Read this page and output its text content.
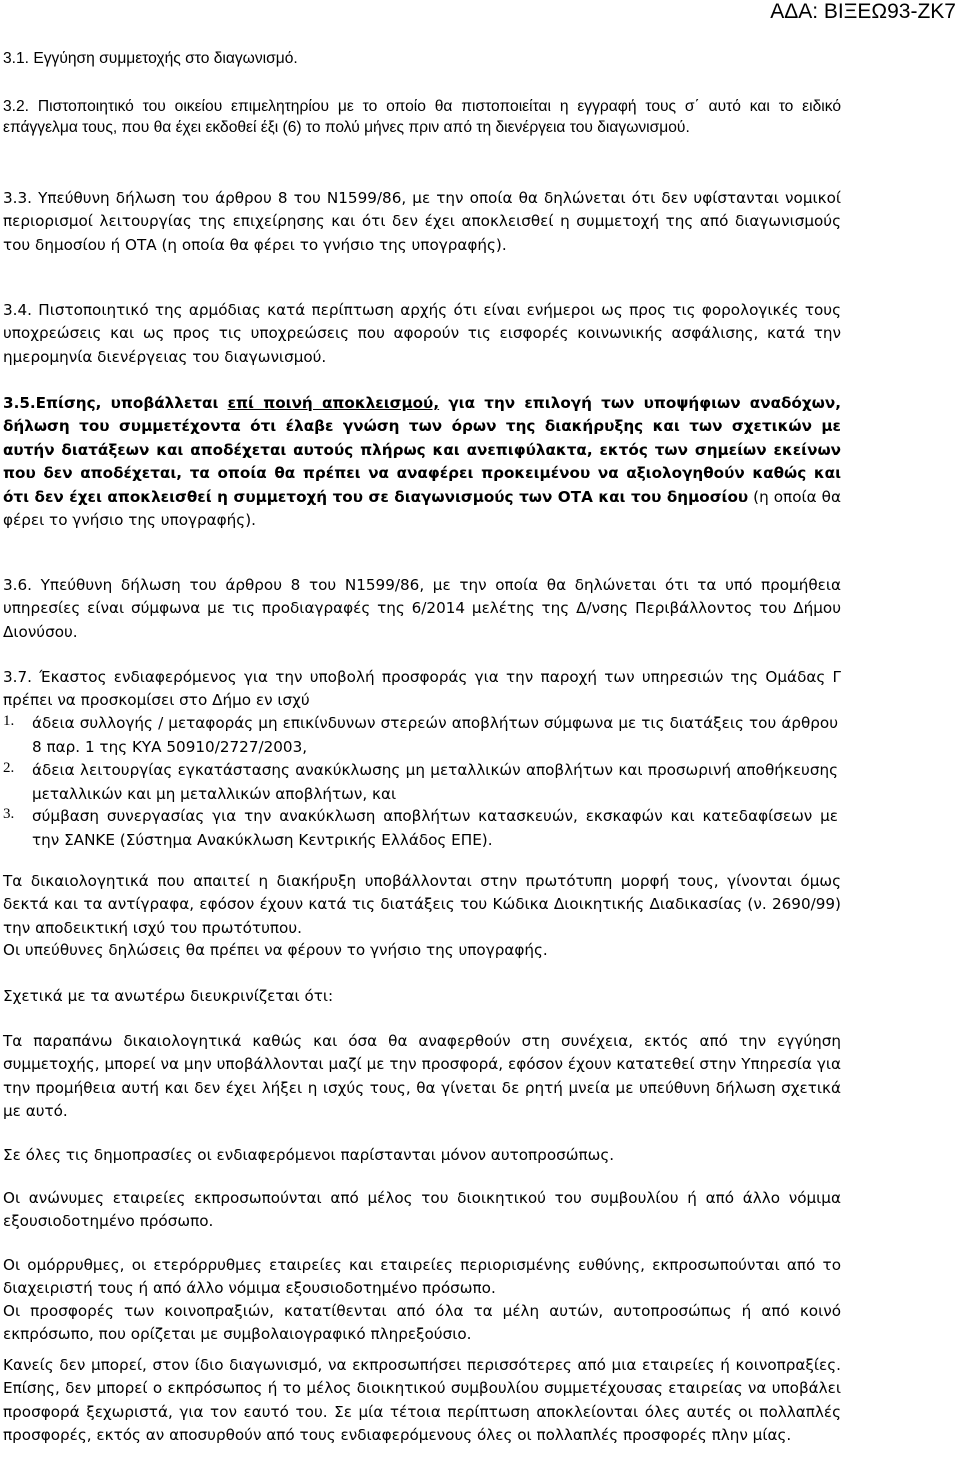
ΑΔΑ: ΒΙΞΕΩ93-ΖΚ7

3.1. Εγγύηση συμμετοχής στο διαγωνισμό.

3.2. Πιστοποιητικό του οικείου επιμελητηρίου με το οποίο θα πιστοποιείται η εγγραφή τους σ΄ αυτό και το ειδικό επάγγελμα τους, που θα έχει εκδοθεί έξι (6) το πολύ μήνες πριν από τη διενέργεια του διαγωνισμού.

3.3. Υπεύθυνη δήλωση του άρθρου 8 του Ν1599/86, με την οποία θα δηλώνεται ότι δεν υφίστανται νομικοί περιορισμοί λειτουργίας της επιχείρησης και ότι δεν έχει αποκλεισθεί η συμμετοχή της από διαγωνισμούς του δημοσίου ή ΟΤΑ (η οποία θα φέρει το γνήσιο της υπογραφής).

3.4. Πιστοποιητικό της αρμόδιας κατά περίπτωση αρχής ότι είναι ενήμεροι ως προς τις φορολογικές τους υποχρεώσεις και ως προς τις υποχρεώσεις που αφορούν τις εισφορές κοινωνικής ασφάλισης, κατά την ημερομηνία διενέργειας του διαγωνισμού.

3.5.Επίσης, υποβάλλεται επί ποινή αποκλεισμού, για την επιλογή των υποψήφιων αναδόχων, δήλωση του συμμετέχοντα ότι έλαβε γνώση των όρων της διακήρυξης και των σχετικών με αυτήν διατάξεων και αποδέχεται αυτούς πλήρως και ανεπιφύλακτα, εκτός των σημείων εκείνων που δεν αποδέχεται, τα οποία θα πρέπει να αναφέρει προκειμένου να αξιολογηθούν καθώς και ότι δεν έχει αποκλεισθεί η συμμετοχή του σε διαγωνισμούς των ΟΤΑ και του δημοσίου (η οποία θα φέρει το γνήσιο της υπογραφής).

3.6. Υπεύθυνη δήλωση του άρθρου 8 του Ν1599/86, με την οποία θα δηλώνεται ότι τα υπό προμήθεια υπηρεσίες είναι σύμφωνα με τις προδιαγραφές της 6/2014 μελέτης της Δ/νσης Περιβάλλοντος του Δήμου Διονύσου.

3.7. Έκαστος ενδιαφερόμενος για την υποβολή προσφοράς για την παροχή των υπηρεσιών της Ομάδας Γ πρέπει να προσκομίσει στο Δήμο εν ισχύ

1. άδεια συλλογής / μεταφοράς μη επικίνδυνων στερεών αποβλήτων σύμφωνα με τις διατάξεις του άρθρου 8 παρ. 1 της ΚΥΑ 50910/2727/2003,

2. άδεια λειτουργίας εγκατάστασης ανακύκλωσης μη μεταλλικών αποβλήτων και προσωρινή αποθήκευσης μεταλλικών και μη μεταλλικών αποβλήτων, και

3. σύμβαση συνεργασίας για την ανακύκλωση αποβλήτων κατασκευών, εκσκαφών και κατεδαφίσεων με την ΣΑΝΚΕ (Σύστημα Ανακύκλωση Κεντρικής Ελλάδος ΕΠΕ).

Τα δικαιολογητικά που απαιτεί η διακήρυξη υποβάλλονται στην πρωτότυπη μορφή τους, γίνονται όμως δεκτά και τα αντίγραφα, εφόσον έχουν κατά τις διατάξεις του Κώδικα Διοικητικής Διαδικασίας (ν. 2690/99) την αποδεικτική ισχύ του πρωτότυπου.

Οι υπεύθυνες δηλώσεις θα πρέπει να φέρουν το γνήσιο της υπογραφής.

Σχετικά με τα ανωτέρω διευκρινίζεται ότι:

Τα παραπάνω δικαιολογητικά καθώς και όσα θα αναφερθούν στη συνέχεια, εκτός από την εγγύηση συμμετοχής, μπορεί να μην υποβάλλονται μαζί με την προσφορά, εφόσον έχουν κατατεθεί στην Υπηρεσία για την προμήθεια αυτή και δεν έχει λήξει η ισχύς τους, θα γίνεται δε ρητή μνεία με υπεύθυνη δήλωση σχετικά με αυτό.

Σε όλες τις δημοπρασίες οι ενδιαφερόμενοι παρίστανται μόνον αυτοπροσώπως.

Οι ανώνυμες εταιρείες εκπροσωπούνται από μέλος του διοικητικού του συμβουλίου ή από άλλο νόμιμα εξουσιοδοτημένο πρόσωπο.

Οι ομόρρυθμες, οι ετερόρρυθμες εταιρείες και εταιρείες περιορισμένης ευθύνης, εκπροσωπούνται από το διαχειριστή τους ή από άλλο νόμιμα εξουσιοδοτημένο πρόσωπο.

Οι προσφορές των κοινοπραξιών, κατατίθενται από όλα τα μέλη αυτών, αυτοπροσώπως ή από κοινό εκπρόσωπο, που ορίζεται με συμβολαιογραφικό πληρεξούσιο.

Κανείς δεν μπορεί, στον ίδιο διαγωνισμό, να εκπροσωπήσει περισσότερες από μια εταιρείες ή κοινοπραξίες. Επίσης, δεν μπορεί ο εκπρόσωπος ή το μέλος διοικητικού συμβουλίου συμμετέχουσας εταιρείας να υποβάλει προσφορά ξεχωριστά, για τον εαυτό του. Σε μία τέτοια περίπτωση αποκλείονται όλες αυτές οι πολλαπλές προσφορές, εκτός αν αποσυρθούν από τους ενδιαφερόμενους όλες οι πολλαπλές προσφορές πλην μίας.
